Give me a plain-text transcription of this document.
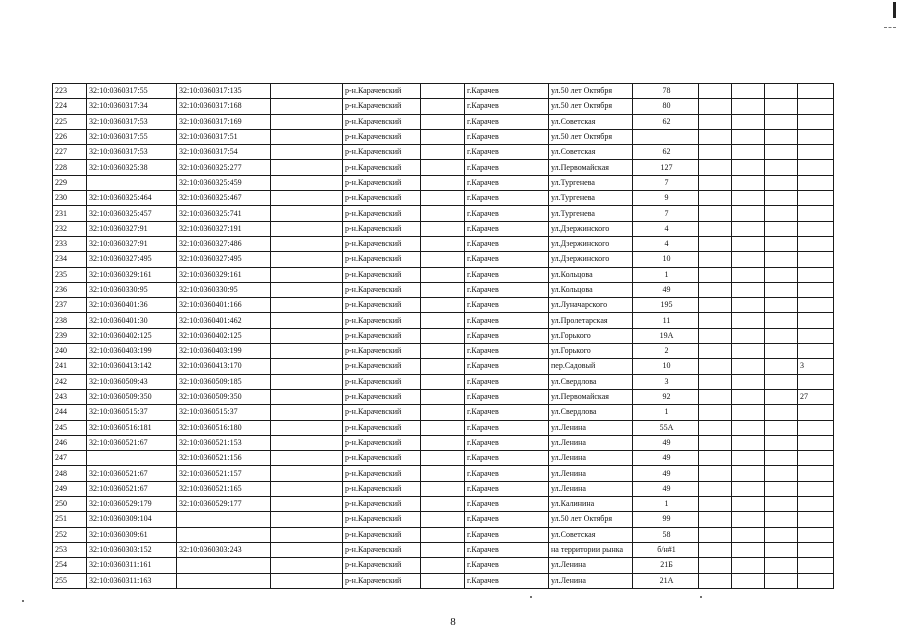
223	32:10:0360317:55	32:10:0360317:135		р-н.Карачевский		г.Карачев	ул.50 лет Октября	78				
224	32:10:0360317:34	32:10:0360317:168		р-н.Карачевский		г.Карачев	ул.50 лет Октября	80				
225	32:10:0360317:53	32:10:0360317:169		р-н.Карачевский		г.Карачев	ул.Советская	62				
226	32:10:0360317:55	32:10:0360317:51		р-н.Карачевский		г.Карачев	ул.50 лет Октября					
227	32:10:0360317:53	32:10:0360317:54		р-н.Карачевский		г.Карачев	ул.Советская	62				
228	32:10:0360325:38	32:10:0360325:277		р-н.Карачевский		г.Карачев	ул.Первомайская	127				
229		32:10:0360325:459		р-н.Карачевский		г.Карачев	ул.Тургенева	7				
230	32:10:0360325:464	32:10:0360325:467		р-н.Карачевский		г.Карачев	ул.Тургенева	9				
231	32:10:0360325:457	32:10:0360325:741		р-н.Карачевский		г.Карачев	ул.Тургенева	7				
232	32:10:0360327:91	32:10:0360327:191		р-н.Карачевский		г.Карачев	ул.Дзержинского	4				
233	32:10:0360327:91	32:10:0360327:486		р-н.Карачевский		г.Карачев	ул.Дзержинского	4				
234	32:10:0360327:495	32:10:0360327:495		р-н.Карачевский		г.Карачев	ул.Дзержинского	10				
235	32:10:0360329:161	32:10:0360329:161		р-н.Карачевский		г.Карачев	ул.Кольцова	1				
236	32:10:0360330:95	32:10:0360330:95		р-н.Карачевский		г.Карачев	ул.Кольцова	49				
237	32:10:0360401:36	32:10:0360401:166		р-н.Карачевский		г.Карачев	ул.Луначарского	195				
238	32:10:0360401:30	32:10:0360401:462		р-н.Карачевский		г.Карачев	ул.Пролетарская	11				
239	32:10:0360402:125	32:10:0360402:125		р-н.Карачевский		г.Карачев	ул.Горького	19А				
240	32:10:0360403:199	32:10:0360403:199		р-н.Карачевский		г.Карачев	ул.Горького	2				
241	32:10:0360413:142	32:10:0360413:170		р-н.Карачевский		г.Карачев	пер.Садовый	10				3
242	32:10:0360509:43	32:10:0360509:185		р-н.Карачевский		г.Карачев	ул.Свердлова	3				
243	32:10:0360509:350	32:10:0360509:350		р-н.Карачевский		г.Карачев	ул.Первомайская	92				27
244	32:10:0360515:37	32:10:0360515:37		р-н.Карачевский		г.Карачев	ул.Свердлова	1				
245	32:10:0360516:181	32:10:0360516:180		р-н.Карачевский		г.Карачев	ул.Ленина	55А				
246	32:10:0360521:67	32:10:0360521:153		р-н.Карачевский		г.Карачев	ул.Ленина	49				
247		32:10:0360521:156		р-н.Карачевский		г.Карачев	ул.Ленина	49				
248	32:10:0360521:67	32:10:0360521:157		р-н.Карачевский		г.Карачев	ул.Ленина	49				
249	32:10:0360521:67	32:10:0360521:165		р-н.Карачевский		г.Карачев	ул.Ленина	49				
250	32:10:0360529:179	32:10:0360529:177		р-н.Карачевский		г.Карачев	ул.Калинина	1				
251	32:10:0360309:104			р-н.Карачевский		г.Карачев	ул.50 лет Октября	99				
252	32:10:0360309:61			р-н.Карачевский		г.Карачев	ул.Советская	58				
253	32:10:0360303:152	32:10:0360303:243		р-н.Карачевский		г.Карачев	на территории рынка	б/н#1				
254	32:10:0360311:161			р-н.Карачевский		г.Карачев	ул.Ленина	21Б				
255	32:10:0360311:163			р-н.Карачевский		г.Карачев	ул.Ленина	21А				
8
